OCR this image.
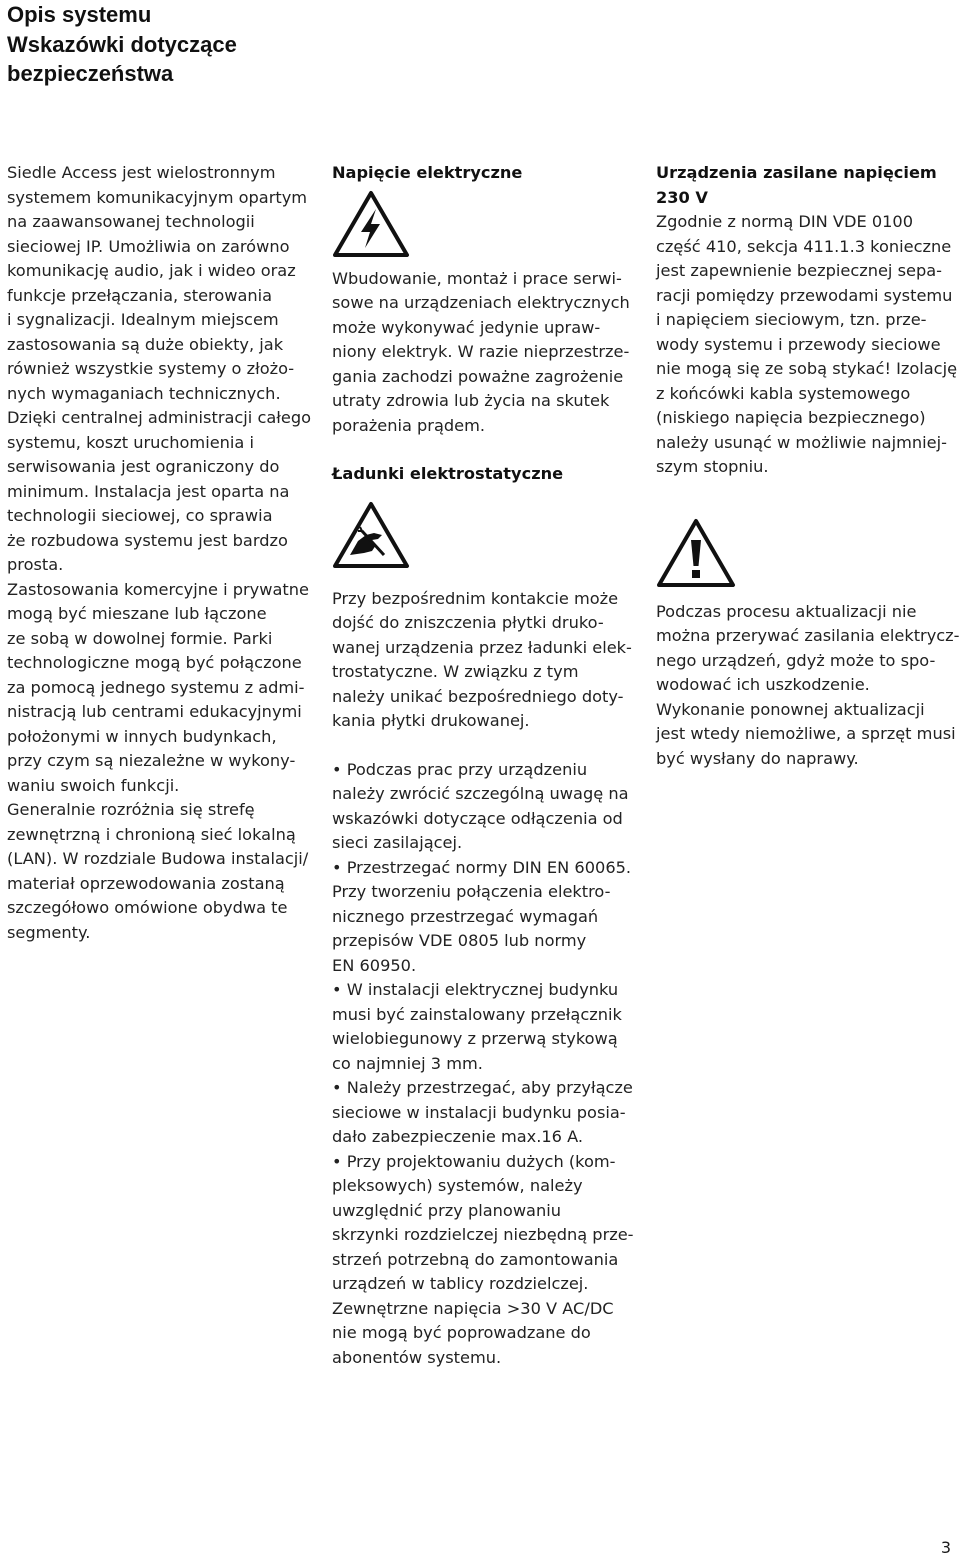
Opis systemu
Wskazówki dotyczące
bezpieczeństwa

Siedle Access jest wielostronnym
systemem komunikacyjnym opartym
na zaawansowanej technologii
sieciowej IP. Umożliwia on zarówno
komunikację audio, jak i wideo oraz
funkcje przełączania, sterowania
i sygnalizacji. Idealnym miejscem
zastosowania są duże obiekty, jak
również wszystkie systemy o złożo-
nych wymaganiach technicznych.
Dzięki centralnej administracji całego
systemu, koszt uruchomienia i
serwisowania jest ograniczony do
minimum. Instalacja jest oparta na
technologii sieciowej, co sprawia
że rozbudowa systemu jest bardzo
prosta.
Zastosowania komercyjne i prywatne
mogą być mieszane lub łączone
ze sobą w dowolnej formie. Parki
technologiczne mogą być połączone
za pomocą jednego systemu z admi-
nistracją lub centrami edukacyjnymi
położonymi w innych budynkach,
przy czym są niezależne w wykony-
waniu swoich funkcji.
Generalnie rozróżnia się strefę
zewnętrzną i chronioną sieć lokalną
(LAN). W rozdziale Budowa instalacji/
materiał oprzewodowania zostaną
szczegółowo omówione obydwa te
segmenty.

Napięcie elektryczne

Wbudowanie, montaż i prace serwi-
sowe na urządzeniach elektrycznych
może wykonywać jedynie upraw-
niony elektryk. W razie nieprzestrze-
gania zachodzi poważne zagrożenie
utraty zdrowia lub życia na skutek
porażenia prądem.

Ładunki elektrostatyczne

Przy bezpośrednim kontakcie może
dojść do zniszczenia płytki druko-
wanej urządzenia przez ładunki elek-
trostatyczne. W związku z tym
należy unikać bezpośredniego doty-
kania płytki drukowanej.

• Podczas prac przy urządzeniu
należy zwrócić szczególną uwagę na
wskazówki dotyczące odłączenia od
sieci zasilającej.
• Przestrzegać normy DIN EN 60065.
Przy tworzeniu połączenia elektro-
nicznego przestrzegać wymagań
przepisów VDE 0805 lub normy
EN 60950.
• W instalacji elektrycznej budynku
musi być zainstalowany przełącznik
wielobiegunowy z przerwą stykową
co najmniej 3 mm.
• Należy przestrzegać, aby przyłącze
sieciowe w instalacji budynku posia-
dało zabezpieczenie max.16 A.
• Przy projektowaniu dużych (kom-
pleksowych) systemów, należy
uwzględnić przy planowaniu
skrzynki rozdzielczej niezbędną prze-
strzeń potrzebną do zamontowania
urządzeń w tablicy rozdzielczej.
Zewnętrzne napięcia >30 V AC/DC
nie mogą być poprowadzane do
abonentów systemu.

Urządzenia zasilane napięciem
230 V

Zgodnie z normą DIN VDE 0100
część 410, sekcja 411.1.3 konieczne
jest zapewnienie bezpiecznej sepa-
racji pomiędzy przewodami systemu
i napięciem sieciowym, tzn. prze-
wody systemu i przewody sieciowe
nie mogą się ze sobą stykać! Izolację
z końcówki kabla systemowego
(niskiego napięcia bezpiecznego)
należy usunąć w możliwie najmniej-
szym stopniu.

Podczas procesu aktualizacji nie
można przerywać zasilania elektrycz-
nego urządzeń, gdyż może to spo-
wodować ich uszkodzenie.
Wykonanie ponownej aktualizacji
jest wtedy niemożliwe, a sprzęt musi
być wysłany do naprawy.

3
